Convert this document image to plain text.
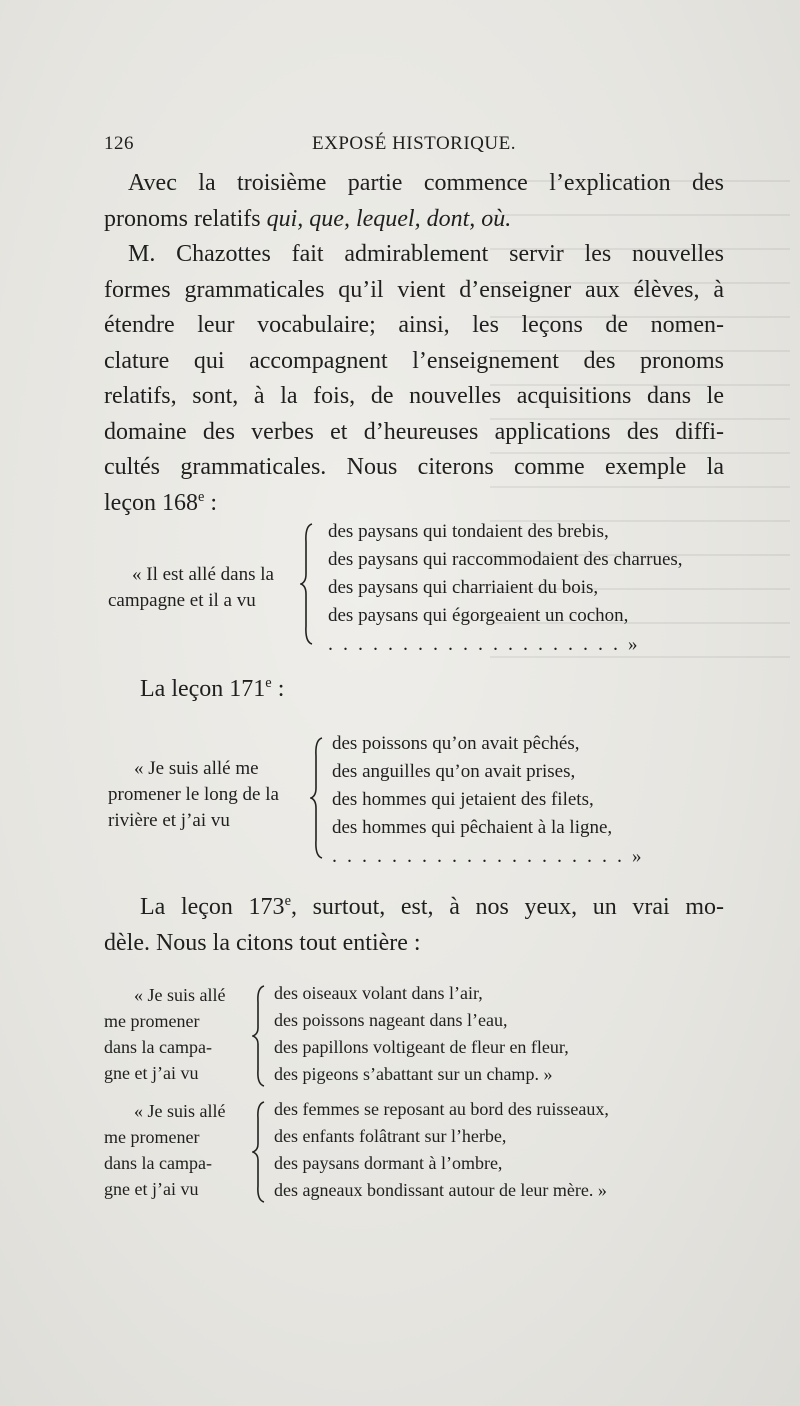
126	EXPOSÉ HISTORIQUE.
Avec la troisième partie commence l’explication des
pronoms relatifs qui, que, lequel, dont, où.
M. Chazottes fait admirablement servir les nouvelles
formes grammaticales qu’il vient d’enseigner aux élèves, à
étendre leur vocabulaire; ainsi, les leçons de nomen-
clature qui accompagnent l’enseignement des pronoms
relatifs, sont, à la fois, de nouvelles acquisitions dans le
domaine des verbes et d’heureuses applications des diffi-
cultés grammaticales. Nous citerons comme exemple la
leçon 168e :
« Il est allé dans la
campagne et il a vu
des paysans qui tondaient des brebis,
des paysans qui raccommodaient des charrues,
des paysans qui charriaient du bois,
des paysans qui égorgeaient un cochon,
....................»
La leçon 171e :
« Je suis allé me
promener le long de la
rivière et j’ai vu
des poissons qu’on avait pêchés,
des anguilles qu’on avait prises,
des hommes qui jetaient des filets,
des hommes qui pêchaient à la ligne,
....................»
La leçon 173e, surtout, est, à nos yeux, un vrai mo-
dèle. Nous la citons tout entière :
« Je suis allé
me promener
dans la campa-
gne et j’ai vu
des oiseaux volant dans l’air,
des poissons nageant dans l’eau,
des papillons voltigeant de fleur en fleur,
des pigeons s’abattant sur un champ. »
« Je suis allé
me promener
dans la campa-
gne et j’ai vu
des femmes se reposant au bord des ruisseaux,
des enfants folâtrant sur l’herbe,
des paysans dormant à l’ombre,
des agneaux bondissant autour de leur mère. »
